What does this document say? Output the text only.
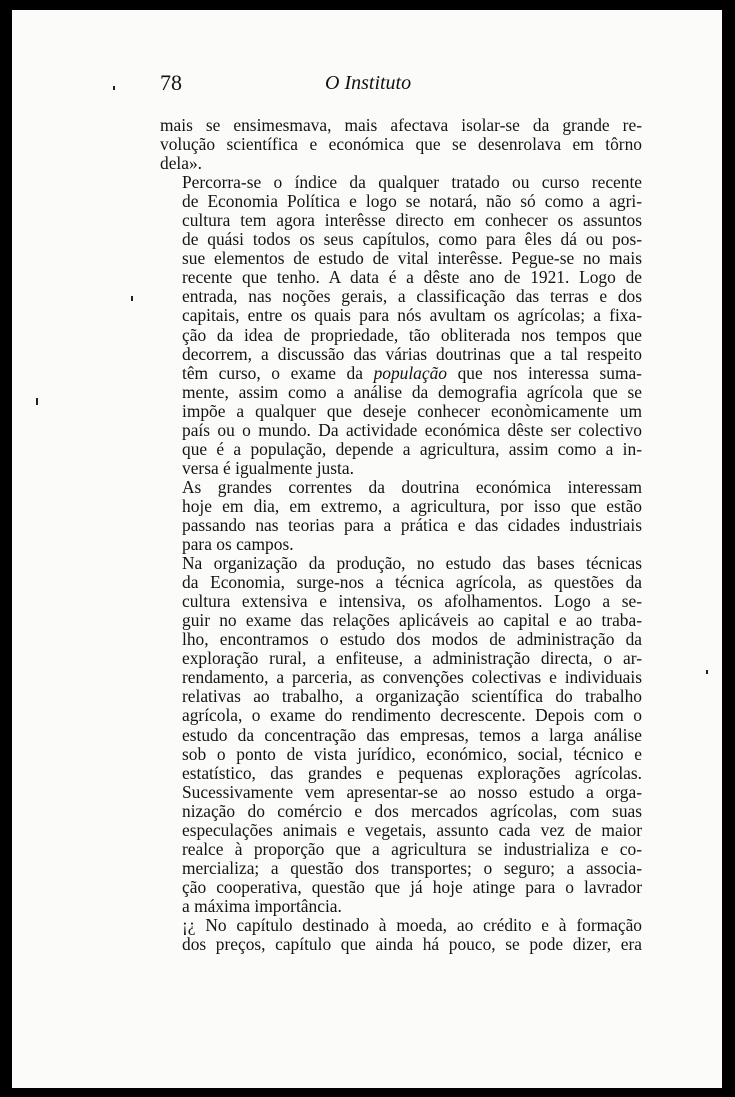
78	O Instituto

mais se ensimesmava, mais afectava isolar-se da grande re-
volução scientífica e económica que se desenrolava em tôrno
dela».

Percorra-se o índice da qualquer tratado ou curso recente
de Economia Política e logo se notará, não só como a agri-
cultura tem agora interêsse directo em conhecer os assuntos
de quási todos os seus capítulos, como para êles dá ou pos-
sue elementos de estudo de vital interêsse. Pegue-se no mais
recente que tenho. A data é a dêste ano de 1921. Logo de
entrada, nas noções gerais, a classificação das terras e dos
capitais, entre os quais para nós avultam os agrícolas; a fixa-
ção da idea de propriedade, tão obliterada nos tempos que
decorrem, a discussão das várias doutrinas que a tal respeito
têm curso, o exame da população que nos interessa suma-
mente, assim como a análise da demografia agrícola que se
impõe a qualquer que deseje conhecer econòmicamente um
país ou o mundo. Da actividade económica dêste ser colectivo
que é a população, depende a agricultura, assim como a in-
versa é igualmente justa.

As grandes correntes da doutrina económica interessam
hoje em dia, em extremo, a agricultura, por isso que estão
passando nas teorias para a prática e das cidades industriais
para os campos.

Na organização da produção, no estudo das bases técnicas
da Economia, surge-nos a técnica agrícola, as questões da
cultura extensiva e intensiva, os afolhamentos. Logo a se-
guir no exame das relações aplicáveis ao capital e ao traba-
lho, encontramos o estudo dos modos de administração da
exploração rural, a enfiteuse, a administração directa, o ar-
rendamento, a parceria, as convenções colectivas e individuais
relativas ao trabalho, a organização scientífica do trabalho
agrícola, o exame do rendimento decrescente. Depois com o
estudo da concentração das empresas, temos a larga análise
sob o ponto de vista jurídico, económico, social, técnico e
estatístico, das grandes e pequenas explorações agrícolas.
Sucessivamente vem apresentar-se ao nosso estudo a orga-
nização do comércio e dos mercados agrícolas, com suas
especulações animais e vegetais, assunto cada vez de maior
realce à proporção que a agricultura se industrializa e co-
mercializa; a questão dos transportes; o seguro; a associa-
ção cooperativa, questão que já hoje atinge para o lavrador
a máxima importância.

¡¿ No capítulo destinado à moeda, ao crédito e à formação
dos preços, capítulo que ainda há pouco, se pode dizer, era
